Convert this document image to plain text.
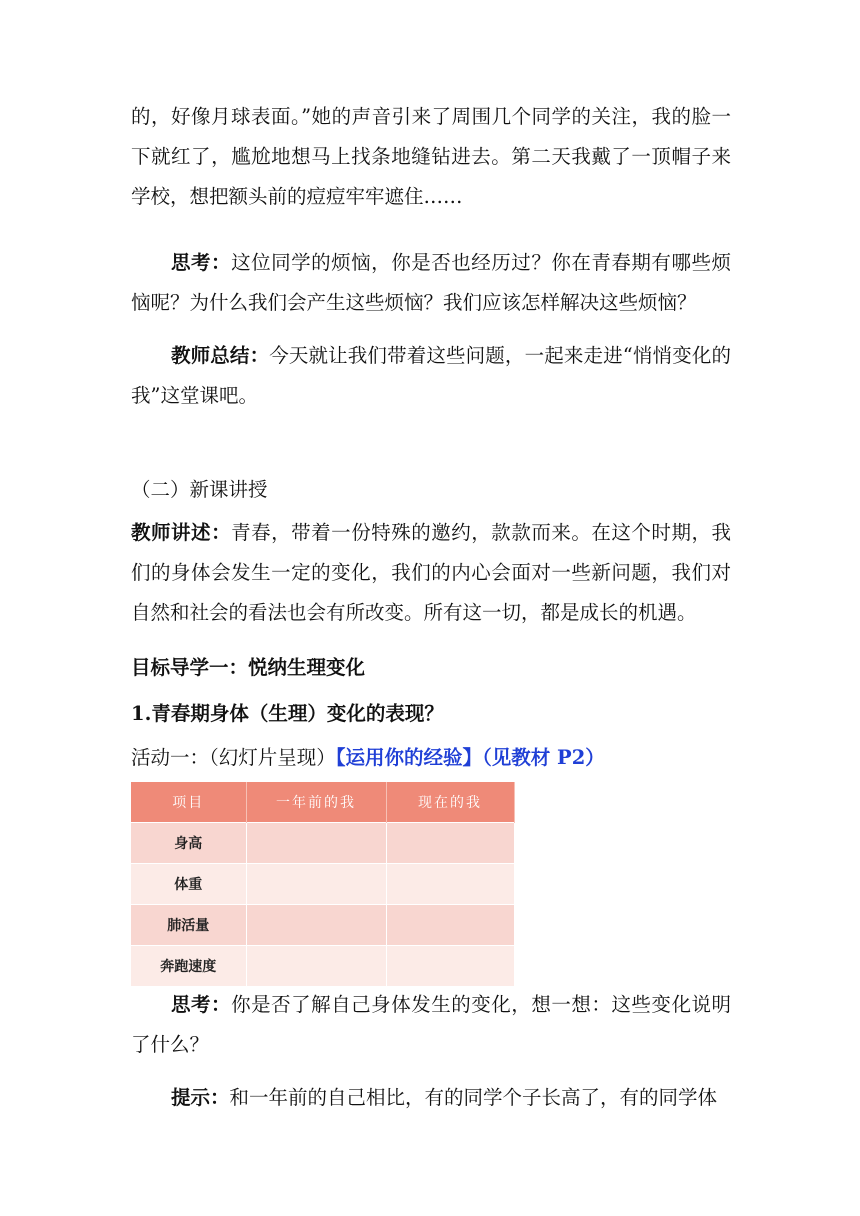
的，好像月球表面。”她的声音引来了周围几个同学的关注，我的脸一下就红了，尴尬地想马上找条地缝钻进去。第二天我戴了一顶帽子来学校，想把额头前的痘痘牢牢遮住……

思考：这位同学的烦恼，你是否也经历过？你在青春期有哪些烦恼呢？为什么我们会产生这些烦恼？我们应该怎样解决这些烦恼？

教师总结：今天就让我们带着这些问题，一起来走进“悄悄变化的我”这堂课吧。

（二）新课讲授

教师讲述：青春，带着一份特殊的邀约，款款而来。在这个时期，我们的身体会发生一定的变化，我们的内心会面对一些新问题，我们对自然和社会的看法也会有所改变。所有这一切，都是成长的机遇。

目标导学一：悦纳生理变化

1.青春期身体（生理）变化的表现？

活动一：（幻灯片呈现）【运用你的经验】（见教材 P2）

项目	一年前的我	现在的我
身高		
体重		
肺活量		
奔跑速度		

思考：你是否了解自己身体发生的变化，想一想：这些变化说明了什么？

提示：和一年前的自己相比，有的同学个子长高了，有的同学体
